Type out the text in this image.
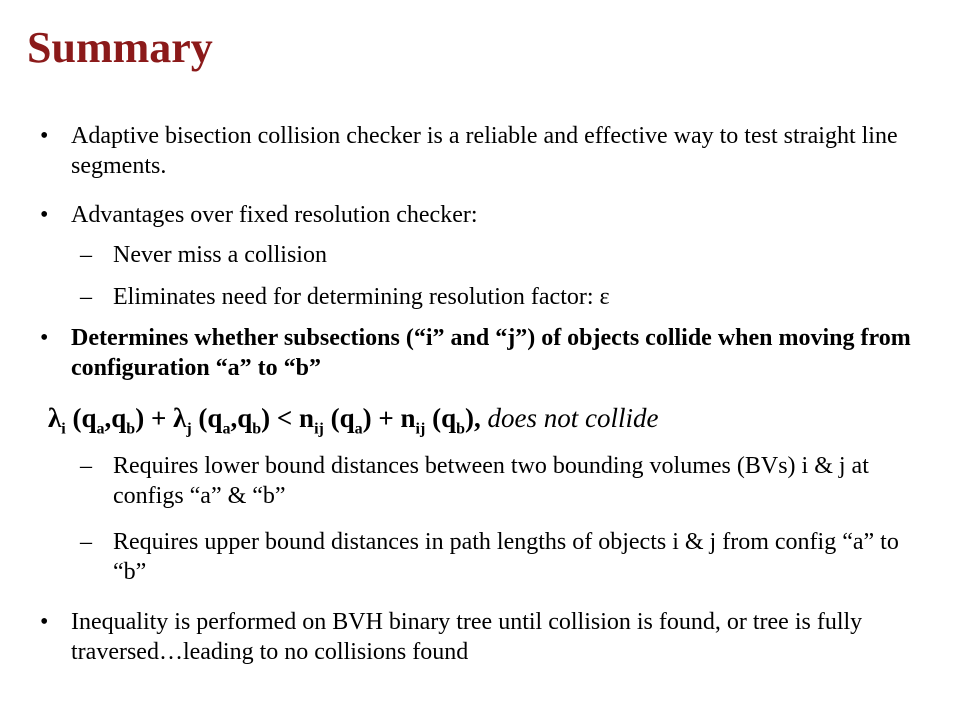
Summary
• Adaptive bisection collision checker is a reliable and effective way to test straight line segments.
• Advantages over fixed resolution checker:
– Never miss a collision
– Eliminates need for determining resolution factor: ε
• Determines whether subsections (“i” and “j”) of objects collide when moving from configuration “a” to “b”
$\lambda_i$ $(q_a,q_b) + \lambda_j$ $(q_a,q_b) < n_{ij}$ $(q_a) + n_{ij}$ $(q_b)$, does not collide
– Requires lower bound distances between two bounding volumes (BVs) i & j at configs “a” & “b”
– Requires upper bound distances in path lengths of objects i & j from config “a” to “b”
• Inequality is performed on BVH binary tree until collision is found, or tree is fully traversed…leading to no collisions found
